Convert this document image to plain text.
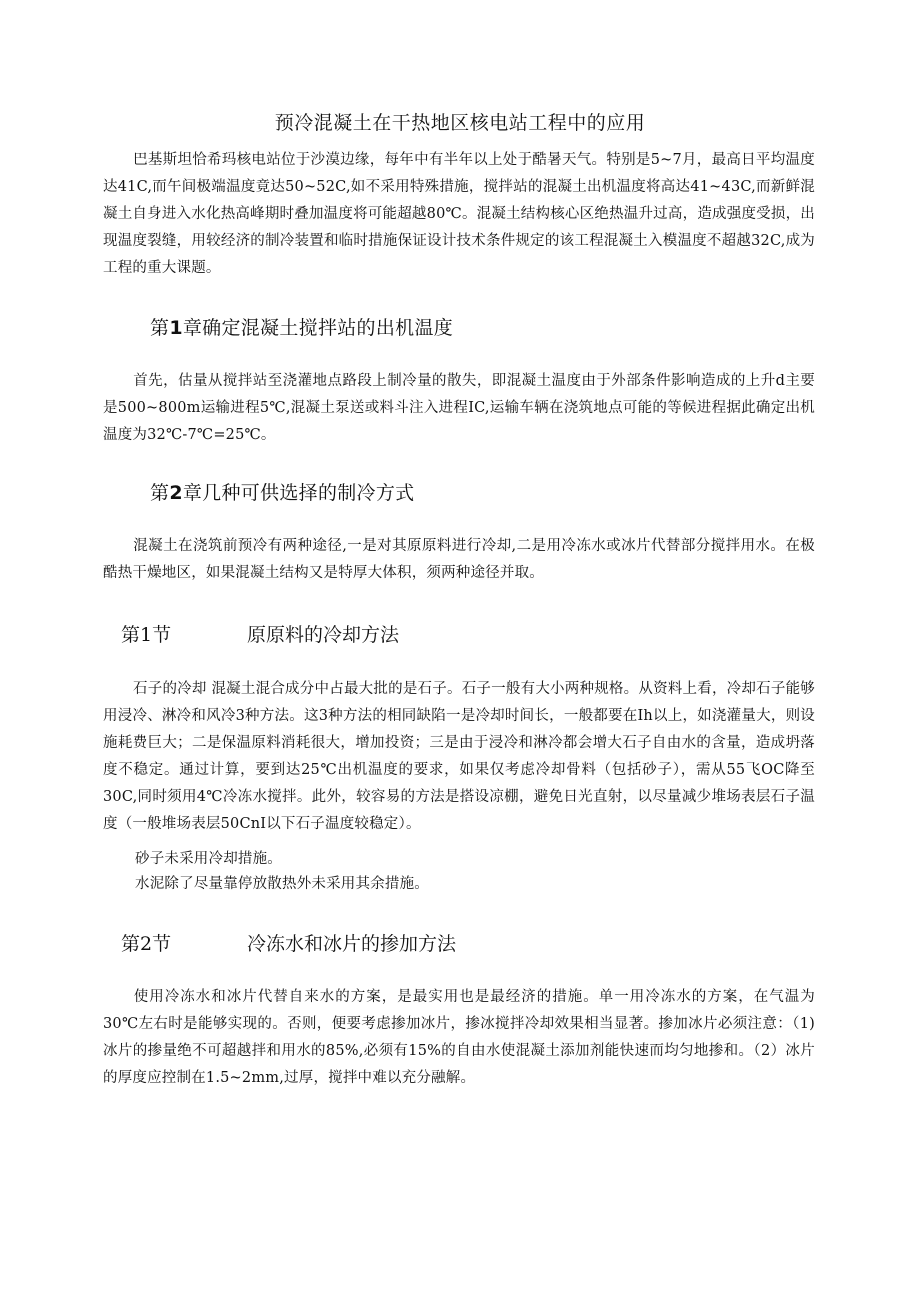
预冷混凝土在干热地区核电站工程中的应用
巴基斯坦恰希玛核电站位于沙漠边缘，每年中有半年以上处于酷暑天气。特别是5~7月，最高日平均温度达41C,而午间极端温度竟达50~52C,如不采用特殊措施，搅拌站的混凝土出机温度将高达41~43C,而新鲜混凝土自身进入水化热高峰期时叠加温度将可能超越80℃。混凝土结构核心区绝热温升过高，造成强度受损，出现温度裂缝，用较经济的制冷装置和临时措施保证设计技术条件规定的该工程混凝土入模温度不超越32C,成为工程的重大课题。
第1章确定混凝土搅拌站的出机温度
首先，估量从搅拌站至浇灌地点路段上制冷量的散失，即混凝土温度由于外部条件影响造成的上升d主要是500~800m运输进程5℃,混凝土泵送或料斗注入进程IC,运输车辆在浇筑地点可能的等候进程据此确定出机温度为32℃-7℃=25℃。
第2章几种可供选择的制冷方式
混凝土在浇筑前预冷有两种途径,一是对其原原料进行冷却,二是用冷冻水或冰片代替部分搅拌用水。在极酷热干燥地区，如果混凝土结构又是特厚大体积，须两种途径并取。
第1节	原原料的冷却方法
石子的冷却 混凝土混合成分中占最大批的是石子。石子一般有大小两种规格。从资料上看，冷却石子能够用浸冷、淋冷和风冷3种方法。这3种方法的相同缺陷一是冷却时间长，一般都要在Ih以上，如浇灌量大，则设施耗费巨大；二是保温原料消耗很大，增加投资；三是由于浸冷和淋冷都会增大石子自由水的含量，造成坍落度不稳定。通过计算，要到达25℃出机温度的要求，如果仅考虑冷却骨料（包括砂子），需从55飞OC降至30C,同时须用4℃冷冻水搅拌。此外，较容易的方法是搭设凉棚，避免日光直射，以尽量减少堆场表层石子温度（一般堆场表层50CnI以下石子温度较稳定）。
砂子未采用冷却措施。
水泥除了尽量靠停放散热外未采用其余措施。
第2节	冷冻水和冰片的掺加方法
使用冷冻水和冰片代替自来水的方案，是最实用也是最经济的措施。单一用冷冻水的方案，在气温为30℃左右时是能够实现的。否则，便要考虑掺加冰片，掺冰搅拌冷却效果相当显著。掺加冰片必须注意：（1)冰片的掺量绝不可超越拌和用水的85%,必须有15%的自由水使混凝土添加剂能快速而均匀地掺和。（2）冰片的厚度应控制在1.5~2mm,过厚，搅拌中难以充分融解。
